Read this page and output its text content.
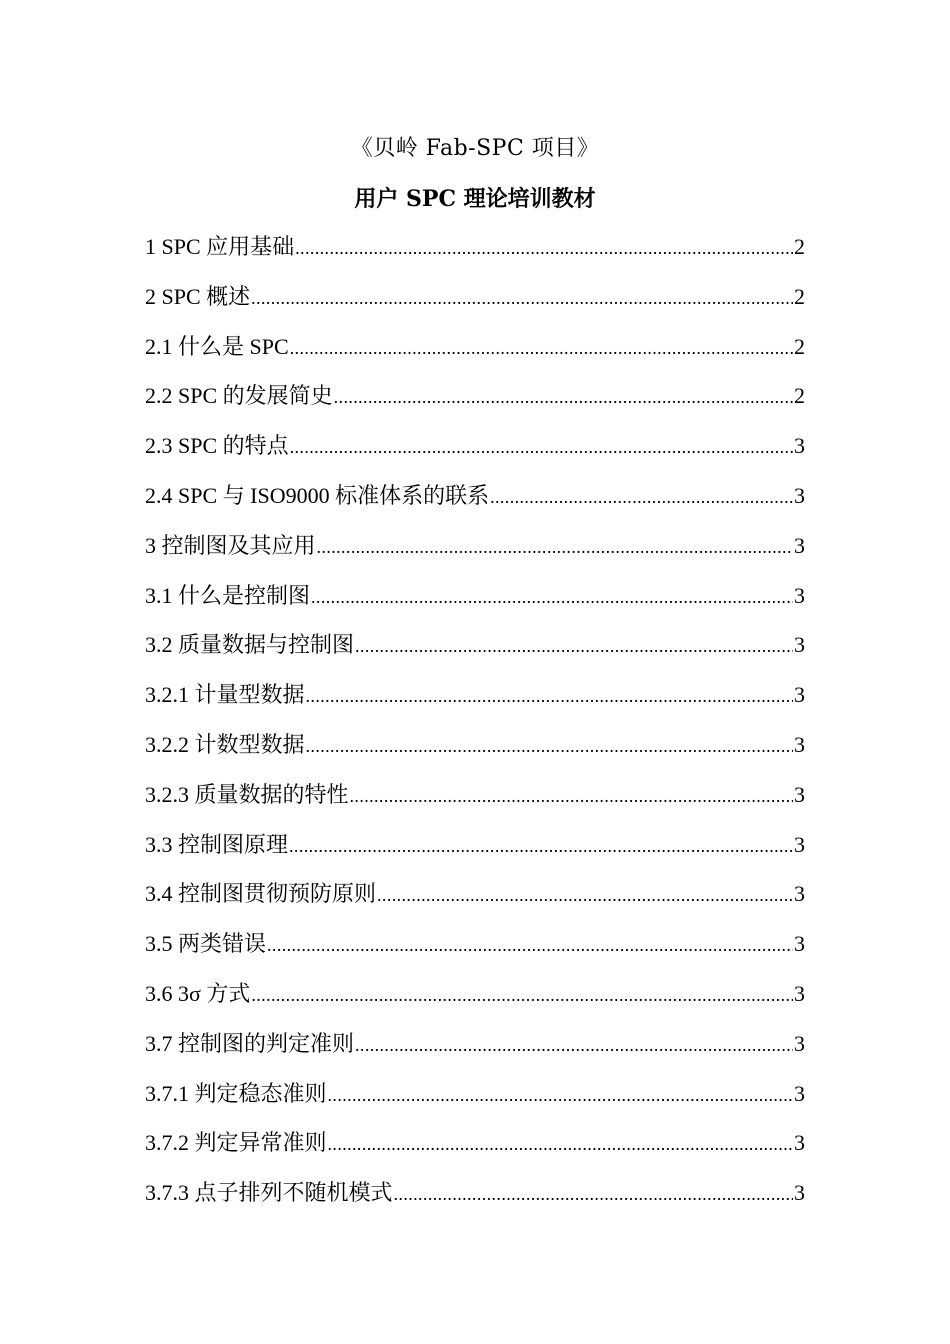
《贝岭 Fab-SPC 项目》
用户 SPC 理论培训教材
1 SPC 应用基础 .....	2
2 SPC 概述 .....	2
2.1 什么是 SPC .....	2
2.2 SPC 的发展简史 .....	2
2.3 SPC 的特点 .....	3
2.4 SPC 与 ISO9000 标准体系的联系 .....	3
3 控制图及其应用 .....	3
3.1 什么是控制图 .....	3
3.2 质量数据与控制图 .....	3
3.2.1 计量型数据 .....	3
3.2.2 计数型数据 .....	3
3.2.3 质量数据的特性 .....	3
3.3 控制图原理 .....	3
3.4 控制图贯彻预防原则 .....	3
3.5 两类错误 .....	3
3.6 3σ 方式 .....	3
3.7 控制图的判定准则 .....	3
3.7.1 判定稳态准则 .....	3
3.7.2 判定异常准则 .....	3
3.7.3 点子排列不随机模式 .....	3
